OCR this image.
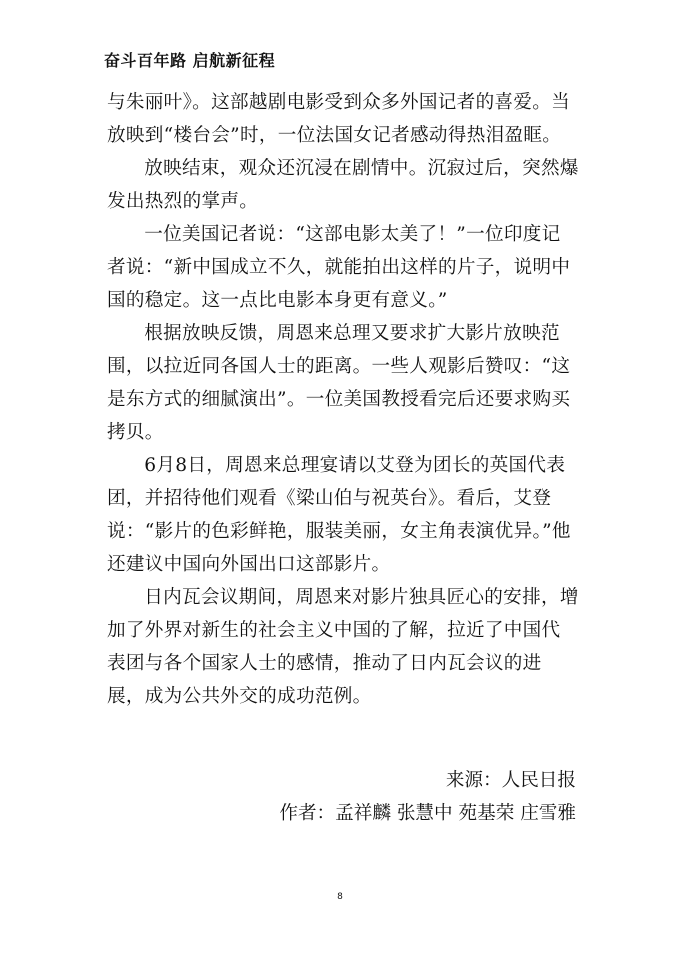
奋斗百年路 启航新征程

与朱丽叶》。这部越剧电影受到众多外国记者的喜爱。当放映到“楼台会”时，一位法国女记者感动得热泪盈眶。

放映结束，观众还沉浸在剧情中。沉寂过后，突然爆发出热烈的掌声。

一位美国记者说：“这部电影太美了！”一位印度记者说：“新中国成立不久，就能拍出这样的片子，说明中国的稳定。这一点比电影本身更有意义。”

根据放映反馈，周恩来总理又要求扩大影片放映范围，以拉近同各国人士的距离。一些人观影后赞叹：“这是东方式的细腻演出”。一位美国教授看完后还要求购买拷贝。

6月8日，周恩来总理宴请以艾登为团长的英国代表团，并招待他们观看《梁山伯与祝英台》。看后，艾登说：“影片的色彩鲜艳，服装美丽，女主角表演优异。”他还建议中国向外国出口这部影片。

日内瓦会议期间，周恩来对影片独具匠心的安排，增加了外界对新生的社会主义中国的了解，拉近了中国代表团与各个国家人士的感情，推动了日内瓦会议的进展，成为公共外交的成功范例。

来源：人民日报
作者：孟祥麟 张慧中 苑基荣 庄雪雅
8
